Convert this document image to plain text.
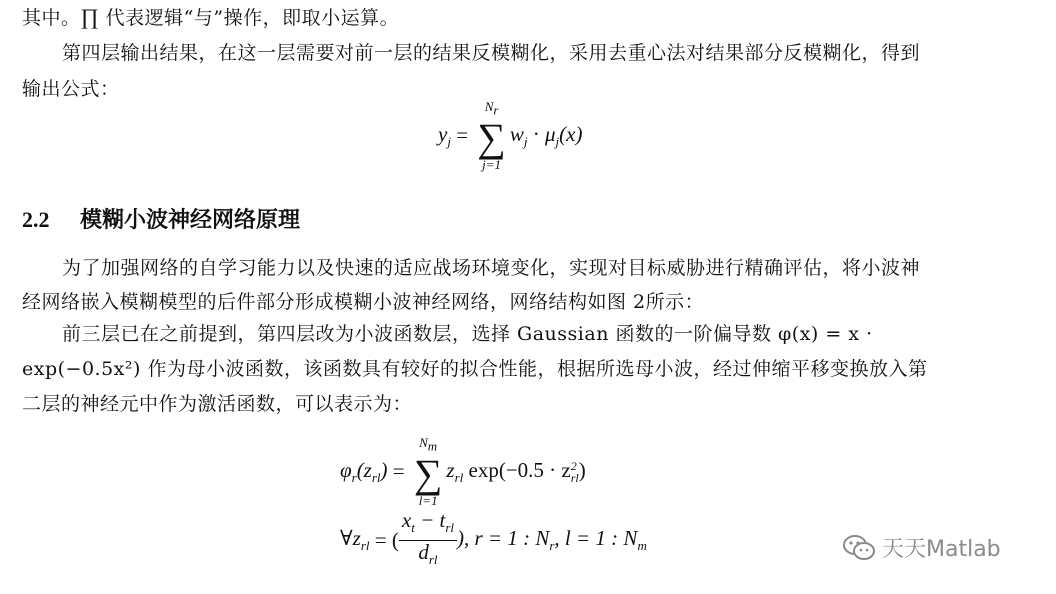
其中。∏ 代表逻辑“与”操作，即取小运算。
第四层输出结果，在这一层需要对前一层的结果反模糊化，采用去重心法对结果部分反模糊化，得到
输出公式：
$y_j$ =
$N_r$
∑
j=1
$w_j \cdot \mu_j(x)$
2.2 模糊小波神经网络原理
为了加强网络的自学习能力以及快速的适应战场环境变化，实现对目标威胁进行精确评估，将小波神
经网络嵌入模糊模型的后件部分形成模糊小波神经网络，网络结构如图 2所示：
前三层已在之前提到，第四层改为小波函数层，选择 Gaussian 函数的一阶偏导数 φ(x) = x ·
exp(−0.5x²) 作为母小波函数，该函数具有较好的拟合性能，根据所选母小波，经过伸缩平移变换放入第
二层的神经元中作为激活函数，可以表示为：
$\varphi_r(z_{rl})$ =
$N_m$
∑
l=1
$z_{rl}$ exp(−0.5 · z 2
rl )
$\forall z_{rl}$ = ( $\frac{x_t - t_{rl}}{d_{rl}}$ ), r = 1 : $N_r$, l = 1 : $N_m$	天天Matlab
